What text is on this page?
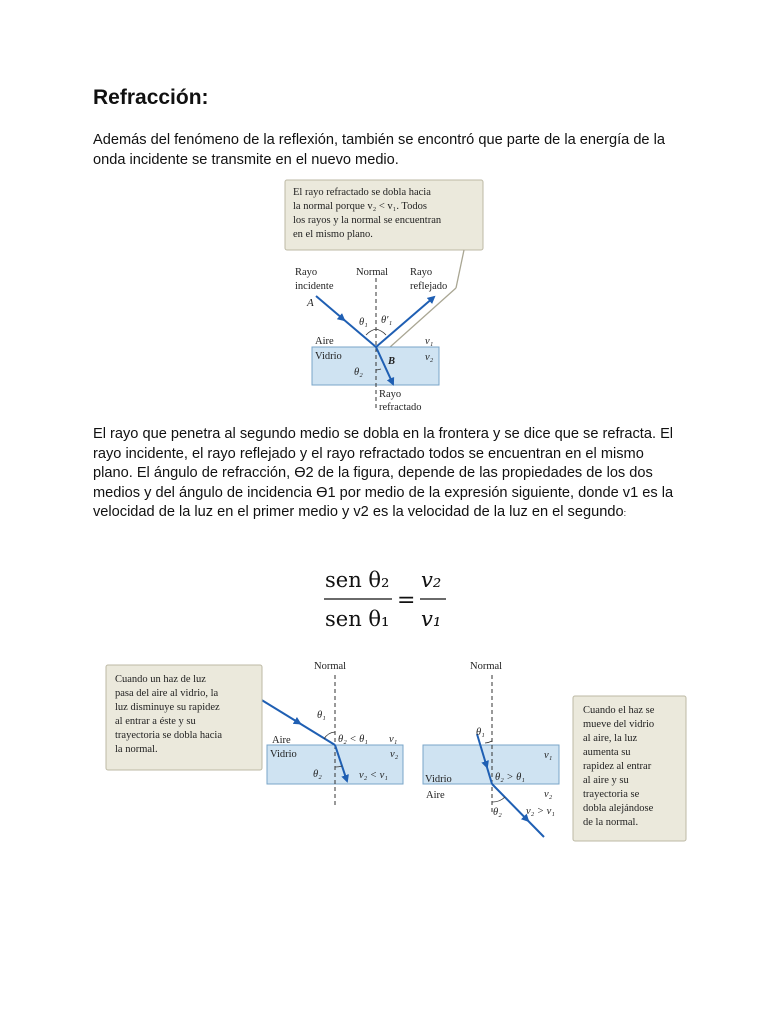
Refracción:

Además del fenómeno de la reflexión, también se encontró que parte de la energía de la onda incidente se transmite en el nuevo medio.

El rayo refractado se dobla hacia
la normal porque v₂ < v₁. Todos
los rayos y la normal se encuentran
en el mismo plano.
Rayo
incidente
Normal Rayo
reflejado
A
θ₁ θ′₁
Aire
Vidrio
v₁
v₂
B
θ₂
Rayo
refractado

El rayo que penetra al segundo medio se dobla en la frontera y se dice que se refracta. El rayo incidente, el rayo reflejado y el rayo refractado todos se encuentran en el mismo plano. El ángulo de refracción, ϴ2 de la figura, depende de las propiedades de los dos medios y del ángulo de incidencia ϴ1 por medio de la expresión siguiente, donde v1 es la velocidad de la luz en el primer medio y v2 es la velocidad de la luz en el segundo:

sen θ₂
sen θ₁
=
v₂
v₁
Cuando un haz de luz
pasa del aire al vidrio, la
luz disminuye su rapidez
al entrar a éste y su
trayectoria se dobla hacia
la normal.
Normal
θ₁
θ₂ < θ₁ v₁
Aire
Vidrio	v₂
θ₂	v₂ < v₁
Cuando el haz se
mueve del vidrio
al aire, la luz
aumenta su
rapidez al entrar
al aire y su
trayectoria se
dobla alejándose
de la normal.
Normal
θ₁
v₁
Vidrio	θ₂ > θ₁
Aire	v₂
θ₂ v₂ > v₁
